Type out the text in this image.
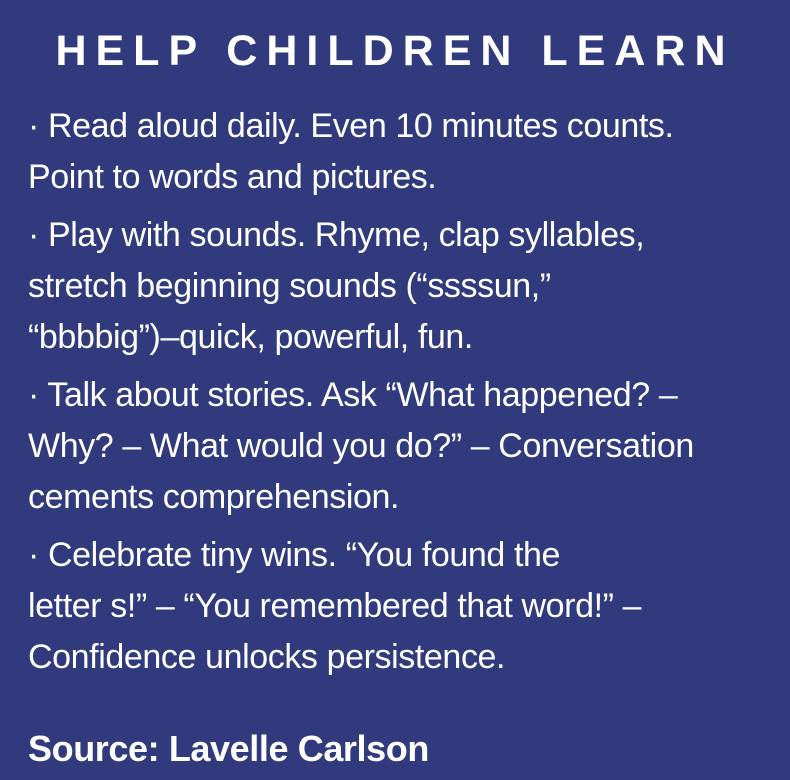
HELP CHILDREN LEARN

· Read aloud daily. Even 10 minutes counts.
Point to words and pictures.

· Play with sounds. Rhyme, clap syllables,
stretch beginning sounds (“ssssun,”
“bbbbig”)–quick, powerful, fun.

· Talk about stories. Ask “What happened? –
Why? – What would you do?” – Conversation
cements comprehension.

· Celebrate tiny wins. “You found the
letter s!” – “You remembered that word!” –
Confidence unlocks persistence.

Source: Lavelle Carlson
